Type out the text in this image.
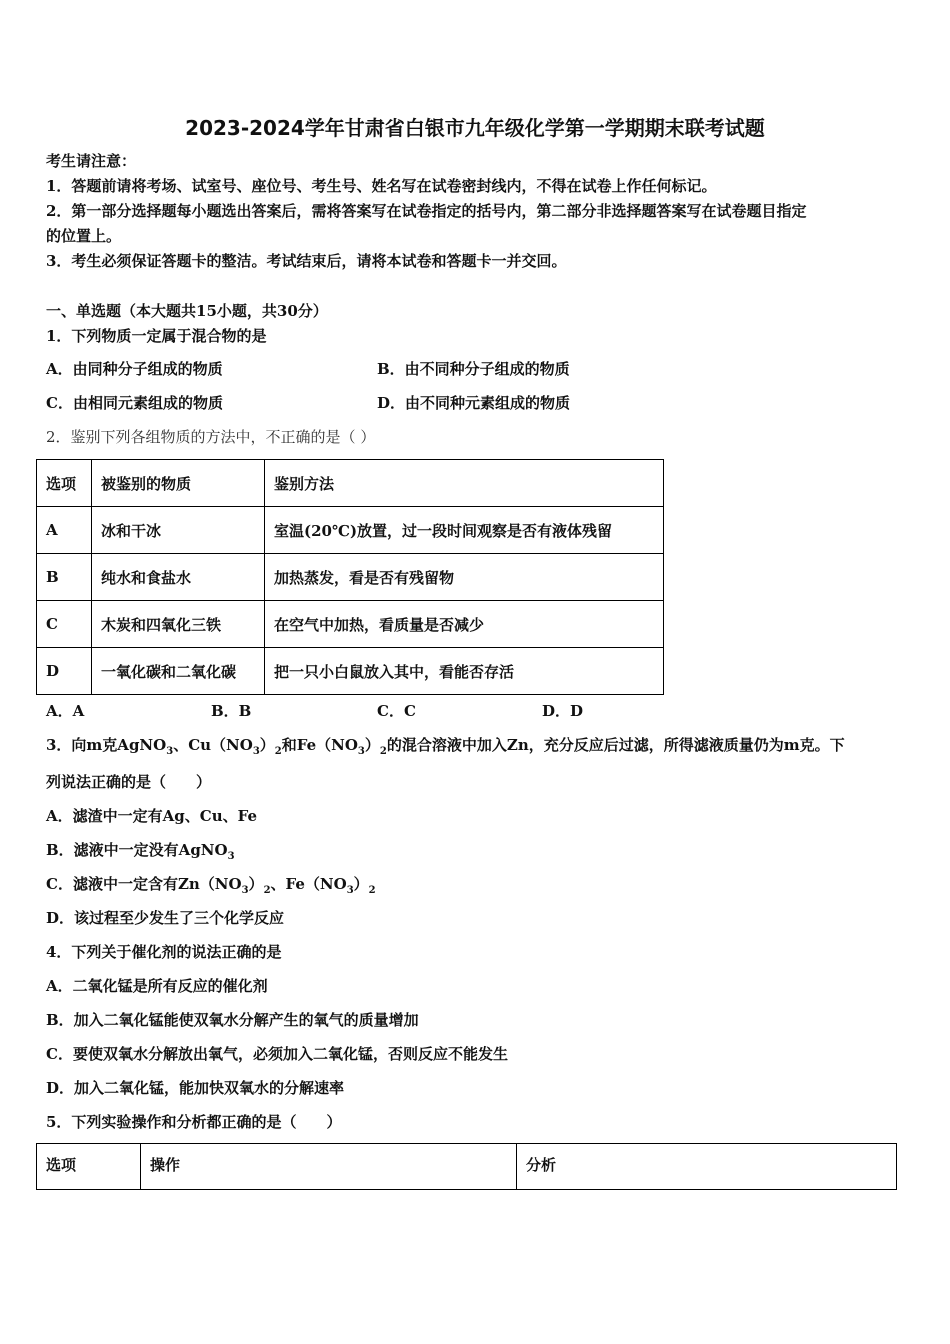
2023-2024学年甘肃省白银市九年级化学第一学期期末联考试题
考生请注意：
1．答题前请将考场、试室号、座位号、考生号、姓名写在试卷密封线内，不得在试卷上作任何标记。
2．第一部分选择题每小题选出答案后，需将答案写在试卷指定的括号内，第二部分非选择题答案写在试卷题目指定
的位置上。
3．考生必须保证答题卡的整洁。考试结束后，请将本试卷和答题卡一并交回。
一、单选题（本大题共15小题，共30分）
1．下列物质一定属于混合物的是
A．由同种分子组成的物质	B．由不同种分子组成的物质
C．由相同元素组成的物质	D．由不同种元素组成的物质
2．鉴别下列各组物质的方法中，不正确的是（ ）
选项	被鉴别的物质	鉴别方法
A	冰和干冰	室温(20℃)放置，过一段时间观察是否有液体残留
B	纯水和食盐水	加热蒸发，看是否有残留物
C	木炭和四氧化三铁	在空气中加热，看质量是否减少
D	一氧化碳和二氧化碳	把一只小白鼠放入其中，看能否存活
A．A	B．B	C．C	D．D
3．向m克AgNO$_3$、$Cu(NO_3)_2$和$Fe(NO_3)_2$的混合溶液中加入Zn，充分反应后过滤，所得滤液质量仍为m克。下
列说法正确的是（　　）
A．滤渣中一定有Ag、Cu、Fe
B．滤液中一定没有AgNO$_3$
C．滤液中一定含有$Zn(NO_3)_2$、$Fe(NO_3)_2$
D．该过程至少发生了三个化学反应
4．下列关于催化剂的说法正确的是
A．二氧化锰是所有反应的催化剂
B．加入二氧化锰能使双氧水分解产生的氧气的质量增加
C．要使双氧水分解放出氧气，必须加入二氧化锰，否则反应不能发生
D．加入二氧化锰，能加快双氧水的分解速率
5．下列实验操作和分析都正确的是（　　）
选项	操作	分析
